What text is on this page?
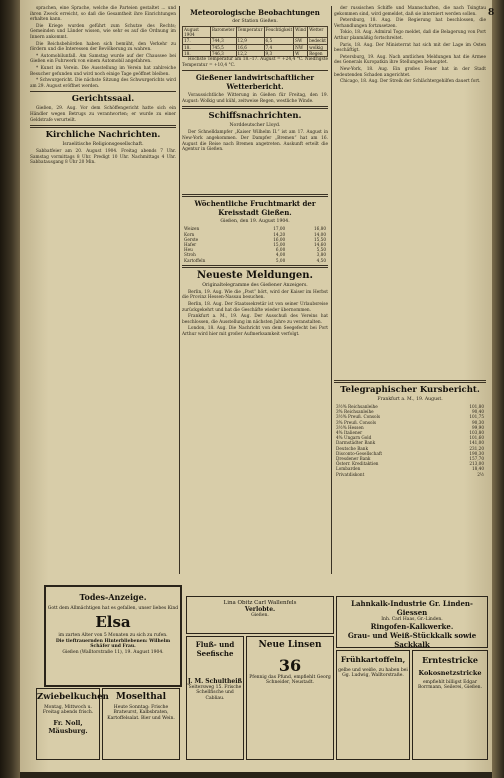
8
sprachen, eine Sprache, welche die Parteien gestaltet ... und ihren Zweck erreicht, so daß die Gesamtheit ihre Einrichtungen erhalten kann.
Die Kriege wurden geführt zum Schutze des Rechts; Gemeinden und Länder wissen, wie sehr es auf die Ordnung im Innern ankommt.
Die Reichsbehörden haben sich bemüht, den Verkehr zu fördern und die Interessen der Bevölkerung zu wahren.
* Automobilunfall. Am Samstag wurde auf der Chaussee bei Gießen ein Fuhrwerk von einem Automobil angefahren.
* Kunst im Verein. Die Ausstellung im Verein hat zahlreiche Besucher gefunden und wird noch einige Tage geöffnet bleiben.
* Schwurgericht. Die nächste Sitzung des Schwurgerichts wird am 29. August eröffnet werden.
Gerichtssaal.
Gießen, 29. Aug. Vor dem Schöffengericht hatte sich ein Händler wegen Betrugs zu verantworten; er wurde zu einer Geldstrafe verurteilt.
Kirchliche Nachrichten.
Israelitische Religionsgesellschaft.
Sabbatfeier am 20. August 1904. Freitag abends 7 Uhr. Samstag vormittags 8 Uhr. Predigt 10 Uhr. Nachmittags 4 Uhr. Sabbatausgang 8 Uhr 20 Min.
Meteorologische Beobachtungen
der Station Gießen.
August 1904	Barometer	Temperatur	Feuchtigkeit	Wind	Wetter
17.	744,3	12,9	6,5	SW	bedeckt
18.	745,5	16,6	7,4	NW	wolkig
18.	746,3	12,2	9,3	W	Regen
Höchste Temperatur am 18.–17. August = +24,4 °C. Niedrigste Temperatur = +10,4 °C.
Gießener landwirtschaftlicher Wetterbericht.
Voraussichtliche Witterung in Gießen für Freitag, den 19. August: Wolkig und kühl, zeitweise Regen, westliche Winde.
Schiffsnachrichten.
Norddeutscher Lloyd.
Der Schnelldampfer „Kaiser Wilhelm II.“ ist am 17. August in New-York angekommen. Der Dampfer „Bremen“ hat am 16. August die Reise nach Bremen angetreten. Auskunft erteilt die Agentur in Gießen.
Wöchentliche Fruchtmarkt der Kreisstadt Gießen.
Gießen, den 19. August 1904.
Weizen	17,00	16,80
Korn	14,20	14,00
Gerste	16,00	15,50
Hafer	15,00	14,60
Heu	6,00	5,50
Stroh	4,00	3,80
Kartoffeln	5,00	4,50
Neueste Meldungen.
Originaltelegramme des Gießener Anzeigers.
Berlin, 19. Aug. Wie die „Post“ hört, wird der Kaiser im Herbst die Provinz Hessen-Nassau besuchen.
Berlin, 18. Aug. Der Staatssekretär ist von seiner Urlaubsreise zurückgekehrt und hat die Geschäfte wieder übernommen.
Frankfurt a. M., 19. Aug. Der Ausschuß des Vereins hat beschlossen, die Ausstellung im nächsten Jahre zu veranstalten.
London, 18. Aug. Die Nachricht von dem Seegefecht bei Port Arthur wird hier mit großer Aufmerksamkeit verfolgt.
der russischen Schiffe und Mannschaften, die nach Tsingtau gekommen sind, wird gemeldet, daß sie interniert werden sollen.
Petersburg, 18. Aug. Die Regierung hat beschlossen, die Verhandlungen fortzusetzen.
Tokio, 18. Aug. Admiral Togo meldet, daß die Belagerung von Port Arthur planmäßig fortschreitet.
Paris, 18. Aug. Der Ministerrat hat sich mit der Lage im Osten beschäftigt.
Petersburg, 19. Aug. Nach amtlichen Meldungen hat die Armee des Generals Kuropatkin ihre Stellungen behauptet.
New-York, 18. Aug. Ein großes Feuer hat in der Stadt bedeutenden Schaden angerichtet.
Chicago, 18. Aug. Der Streik der Schlächtergehilfen dauert fort.
Telegraphischer Kursbericht.
Frankfurt a. M., 19. August.
3½% Reichsanleihe	101,80
3% Reichsanleihe	90,40
3½% Preuß. Consols	101,75
3% Preuß. Consols	90,30
3½% Hessen	99,90
4% Italiener	103,80
4% Ungarn Gold	101,60
Darmstädter Bank	141,00
Deutsche Bank	231,20
Disconto-Gesellschaft	190,30
Dresdener Bank	157,70
Österr. Kreditaktien	213,00
Lombarden	18,40
Privatdiskont	2½
Todes-Anzeige.
Gott dem Allmächtigen hat es gefallen, unser liebes Kind
Elsa
im zarten Alter von 5 Monaten zu sich zu rufen.
Die tieftrauernden Hinterbliebenen: Wilhelm Schäfer und Frau.
Gießen (Walltorstraße 11), 19. August 1904.
Zwiebelkuchen
Montag, Mittwoch u. Freitag abends frisch.
Fr. Noll, Mäusburg.
Moselthal
Heute Sonntag: Frische Bratwurst, Kalbsbraten, Kartoffelsalat. Bier und Wein.
Lina Obitz Carl Wallenfels
Verlobte.
Gießen.
Fluß- und Seefische
J. M. Schultheiß
Seltersweg 15. Frische Schellfische und Cabliau.
Neue Linsen
36
Pfennig das Pfund, empfiehlt Georg Schneider, Neustadt.
Lahnkalk-Industrie Gr. Linden-Giessen
Inh. Carl Haas, Gr.-Linden.
Ringofen-Kalkwerke.
Grau- und Weiß-Stückkalk sowie Sackkalk
Frühkartoffeln,
gelbe und weiße, zu haben bei Gg. Ludwig, Walltorstraße.
Erntestricke
Kokosnetzstricke
empfiehlt billigst Edgar Borrmann, Seilerei, Gießen.
